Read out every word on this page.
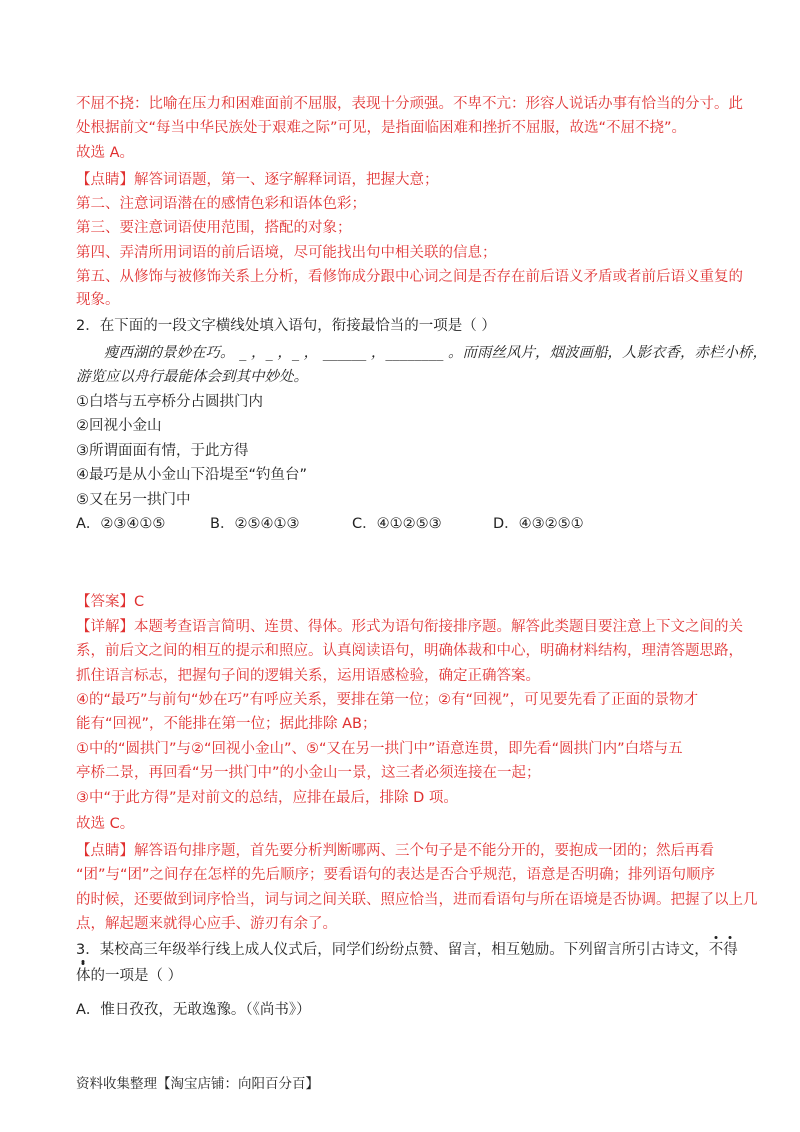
不屈不挠：比喻在压力和困难面前不屈服，表现十分顽强。不卑不亢：形容人说话办事有恰当的分寸。此
处根据前文“每当中华民族处于艰难之际”可见，是指面临困难和挫折不屈服，故选“不屈不挠”。
故选 A。
【点睛】解答词语题，第一、逐字解释词语，把握大意；
第二、注意词语潜在的感情色彩和语体色彩；
第三、要注意词语使用范围，搭配的对象；
第四、弄清所用词语的前后语境，尽可能找出句中相关联的信息；
第五、从修饰与被修饰关系上分析，看修饰成分跟中心词之间是否存在前后语义矛盾或者前后语义重复的
现象。
2．在下面的一段文字横线处填入语句，衔接最恰当的一项是（ ）
瘦西湖的景妙在巧。 _ ，_ ，_ ， ______ ，________ 。而雨丝风片，烟波画船，人影衣香，赤栏小桥，
游览应以舟行最能体会到其中妙处。
①白塔与五亭桥分占圆拱门内
②回视小金山
③所谓面面有情，于此方得
④最巧是从小金山下沿堤至“钓鱼台”
⑤又在另一拱门中
A．②③④①⑤	B．②⑤④①③	C．④①②⑤③	D．④③②⑤①
【答案】C
【详解】本题考查语言简明、连贯、得体。形式为语句衔接排序题。解答此类题目要注意上下文之间的关
系，前后文之间的相互的提示和照应。认真阅读语句，明确体裁和中心，明确材料结构，理清答题思路，
抓住语言标志，把握句子间的逻辑关系，运用语感检验，确定正确答案。
④的“最巧”与前句“妙在巧”有呼应关系，要排在第一位；②有“回视”，可见要先看了正面的景物才
能有“回视”，不能排在第一位；据此排除 AB；
①中的“圆拱门”与②“回视小金山”、⑤“又在另一拱门中”语意连贯，即先看“圆拱门内”白塔与五
亭桥二景，再回看“另一拱门中”的小金山一景，这三者必须连接在一起；
③中“于此方得”是对前文的总结，应排在最后，排除 D 项。
故选 C。
【点睛】解答语句排序题，首先要分析判断哪两、三个句子是不能分开的，要抱成一团的；然后再看
“团”与“团”之间存在怎样的先后顺序；要看语句的表达是否合乎规范，语意是否明确；排列语句顺序
的时候，还要做到词序恰当，词与词之间关联、照应恰当，进而看语句与所在语境是否协调。把握了以上几
点，解起题来就得心应手、游刃有余了。
3．某校高三年级举行线上成人仪式后，同学们纷纷点赞、留言，相互勉励。下列留言所引古诗文，不得
体的一项是（ ）
A．惟日孜孜，无敢逸豫。（《尚书》）
资料收集整理【淘宝店铺：向阳百分百】
